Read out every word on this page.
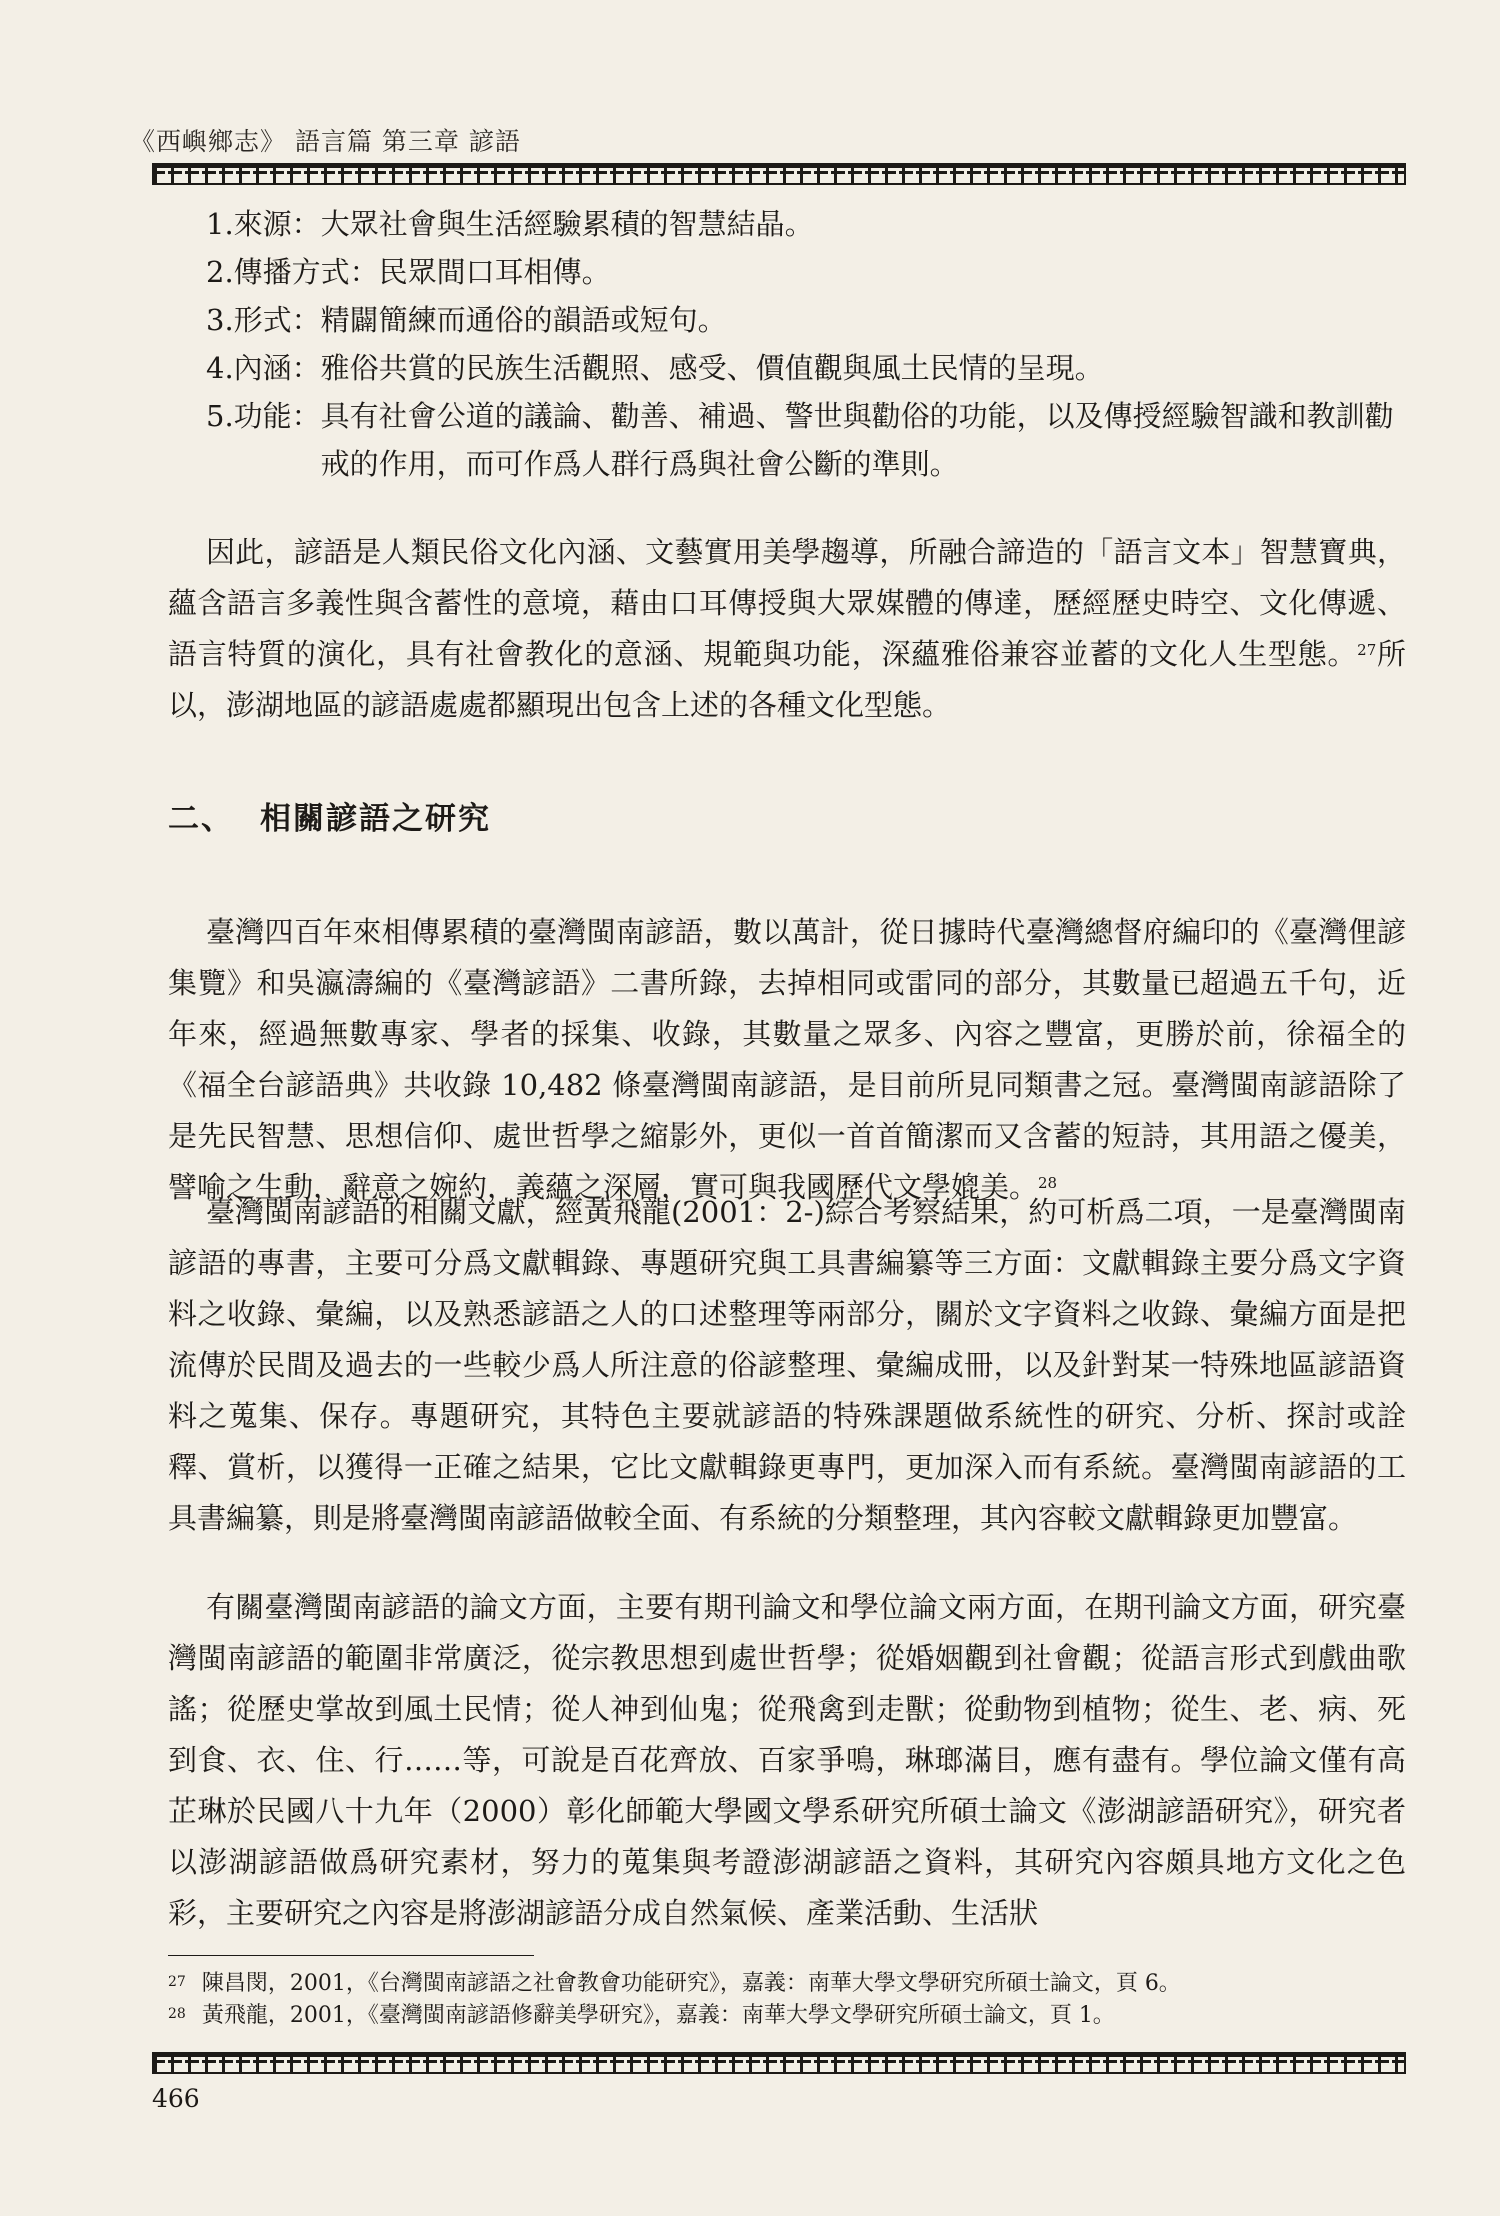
《西嶼鄉志》 語言篇 第三章 諺語
1.來源： 大眾社會與生活經驗累積的智慧結晶。
2.傳播方式： 民眾間口耳相傳。
3.形式： 精闢簡練而通俗的韻語或短句。
4.內涵： 雅俗共賞的民族生活觀照、感受、價值觀與風土民情的呈現。
5.功能： 具有社會公道的議論、勸善、補過、警世與勸俗的功能，以及傳授經驗智識和教訓勸戒的作用，而可作爲人群行爲與社會公斷的準則。

因此，諺語是人類民俗文化內涵、文藝實用美學趨導，所融合諦造的「語言文本」智慧寶典，蘊含語言多義性與含蓄性的意境，藉由口耳傳授與大眾媒體的傳達，歷經歷史時空、文化傳遞、語言特質的演化，具有社會教化的意涵、規範與功能，深蘊雅俗兼容並蓄的文化人生型態。$^{27}$所以，澎湖地區的諺語處處都顯現出包含上述的各種文化型態。

二、 相關諺語之研究

臺灣四百年來相傳累積的臺灣閩南諺語，數以萬計，從日據時代臺灣總督府編印的《臺灣俚諺集覽》和吳瀛濤編的《臺灣諺語》二書所錄，去掉相同或雷同的部分，其數量已超過五千句，近年來，經過無數專家、學者的採集、收錄，其數量之眾多、內容之豐富，更勝於前，徐福全的《福全台諺語典》共收錄 10,482 條臺灣閩南諺語，是目前所見同類書之冠。臺灣閩南諺語除了是先民智慧、思想信仰、處世哲學之縮影外，更似一首首簡潔而又含蓄的短詩，其用語之優美，譬喻之生動，辭意之婉約，義蘊之深層，實可與我國歷代文學媲美。$^{28}$

臺灣閩南諺語的相關文獻，經黃飛龍(2001：2-)綜合考察結果，約可析爲二項，一是臺灣閩南諺語的專書，主要可分爲文獻輯錄、專題研究與工具書編纂等三方面：文獻輯錄主要分爲文字資料之收錄、彙編，以及熟悉諺語之人的口述整理等兩部分，關於文字資料之收錄、彙編方面是把流傳於民間及過去的一些較少爲人所注意的俗諺整理、彙編成冊，以及針對某一特殊地區諺語資料之蒐集、保存。專題研究，其特色主要就諺語的特殊課題做系統性的研究、分析、探討或詮釋、賞析，以獲得一正確之結果，它比文獻輯錄更專門，更加深入而有系統。臺灣閩南諺語的工具書編纂，則是將臺灣閩南諺語做較全面、有系統的分類整理，其內容較文獻輯錄更加豐富。

有關臺灣閩南諺語的論文方面，主要有期刊論文和學位論文兩方面，在期刊論文方面，研究臺灣閩南諺語的範圍非常廣泛，從宗教思想到處世哲學；從婚姻觀到社會觀；從語言形式到戲曲歌謠；從歷史掌故到風土民情；從人神到仙鬼；從飛禽到走獸；從動物到植物；從生、老、病、死到食、衣、住、行……等，可說是百花齊放、百家爭鳴，琳瑯滿目，應有盡有。學位論文僅有高芷琳於民國八十九年（2000）彰化師範大學國文學系研究所碩士論文《澎湖諺語研究》，研究者以澎湖諺語做爲研究素材，努力的蒐集與考證澎湖諺語之資料，其研究內容頗具地方文化之色彩，主要研究之內容是將澎湖諺語分成自然氣候、產業活動、生活狀

$^{27}$ 陳昌閔，2001，《台灣閩南諺語之社會教會功能研究》，嘉義：南華大學文學研究所碩士論文，頁 6。
$^{28}$ 黃飛龍，2001，《臺灣閩南諺語修辭美學研究》，嘉義：南華大學文學研究所碩士論文，頁 1。
466
